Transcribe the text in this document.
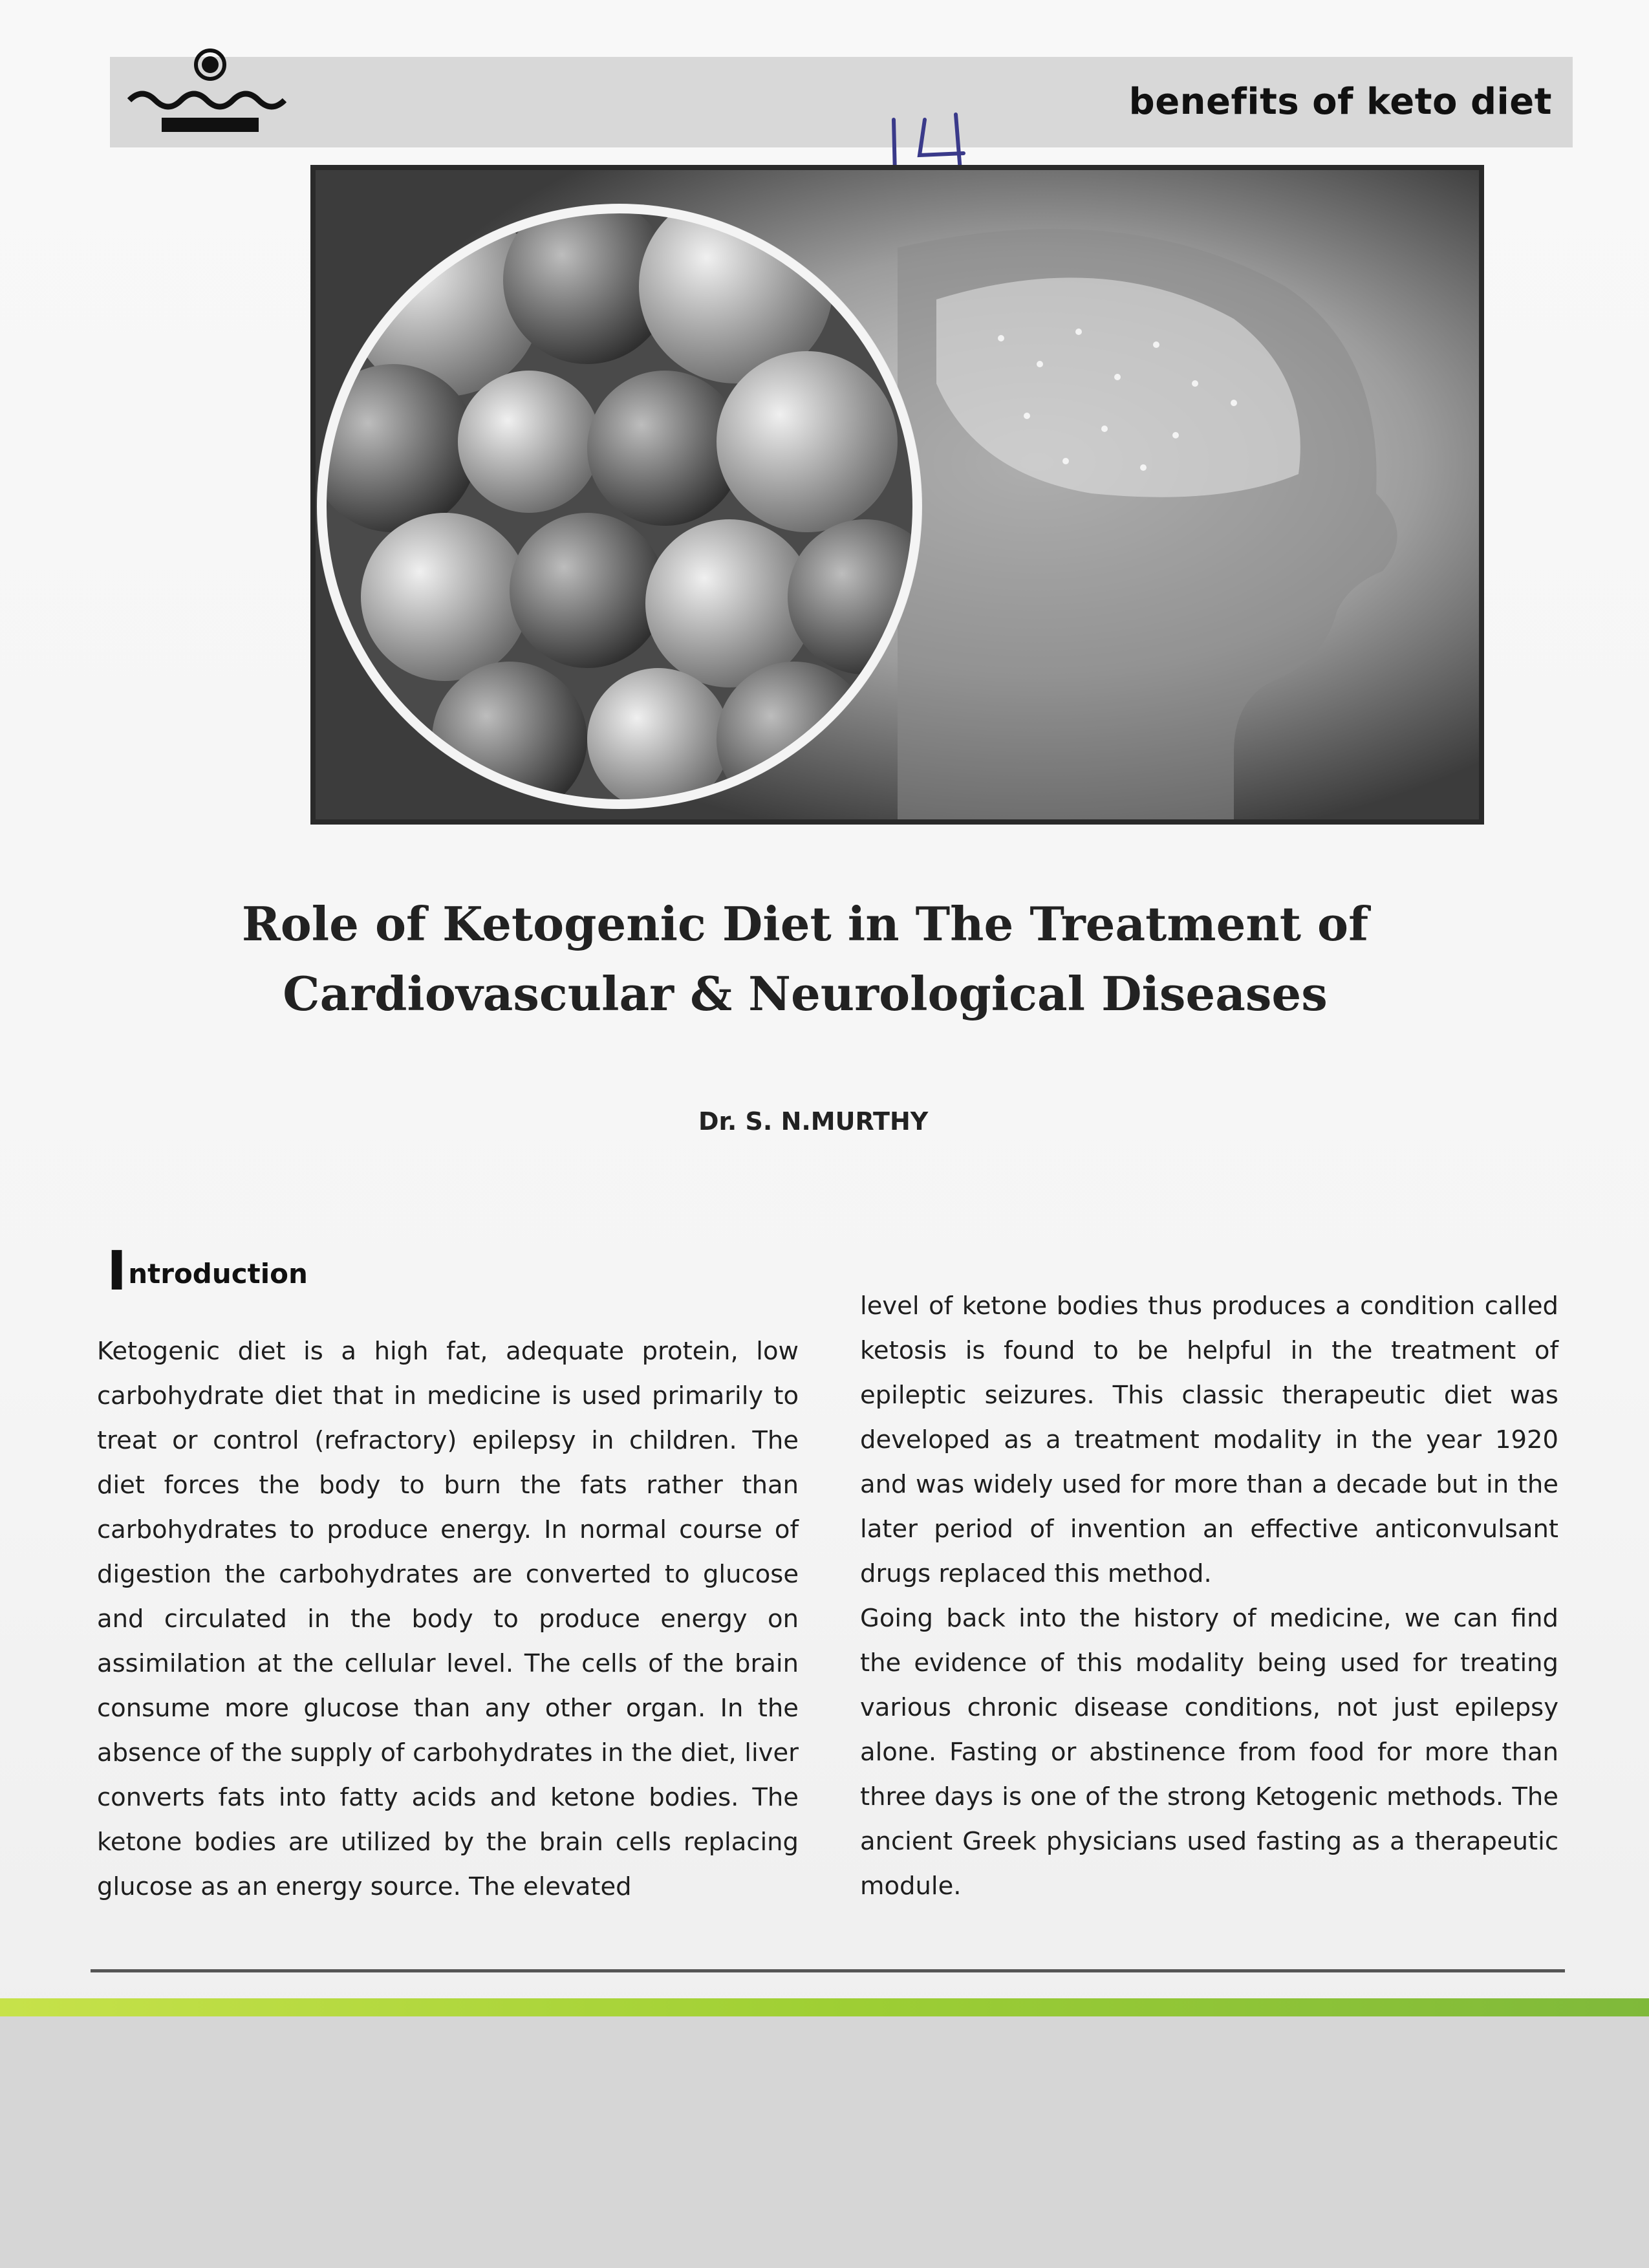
benefits of keto diet
Role of Ketogenic Diet in The Treatment of
Cardiovascular & Neurological Diseases
Dr. S. N.MURTHY
Introduction

Ketogenic diet is a high fat, adequate protein, low carbohydrate diet that in medicine is used primarily to treat or control (refractory) epilepsy in children. The diet forces the body to burn the fats rather than carbohydrates to produce energy. In normal course of digestion the carbohydrates are converted to glucose and circulated in the body to produce energy on assimilation at the cellular level. The cells of the brain consume more glucose than any other organ. In the absence of the supply of carbohydrates in the diet, liver converts fats into fatty acids and ketone bodies. The ketone bodies are utilized by the brain cells replacing glucose as an energy source. The elevated

level of ketone bodies thus produces a condition called ketosis is found to be helpful in the treatment of epileptic seizures. This classic therapeutic diet was developed as a treatment modality in the year 1920 and was widely used for more than a decade but in the later period of invention an effective anticonvulsant drugs replaced this method.

Going back into the history of medicine, we can find the evidence of this modality being used for treating various chronic disease conditions, not just epilepsy alone. Fasting or abstinence from food for more than three days is one of the strong Ketogenic methods. The ancient Greek physicians used fasting as a therapeutic module.
